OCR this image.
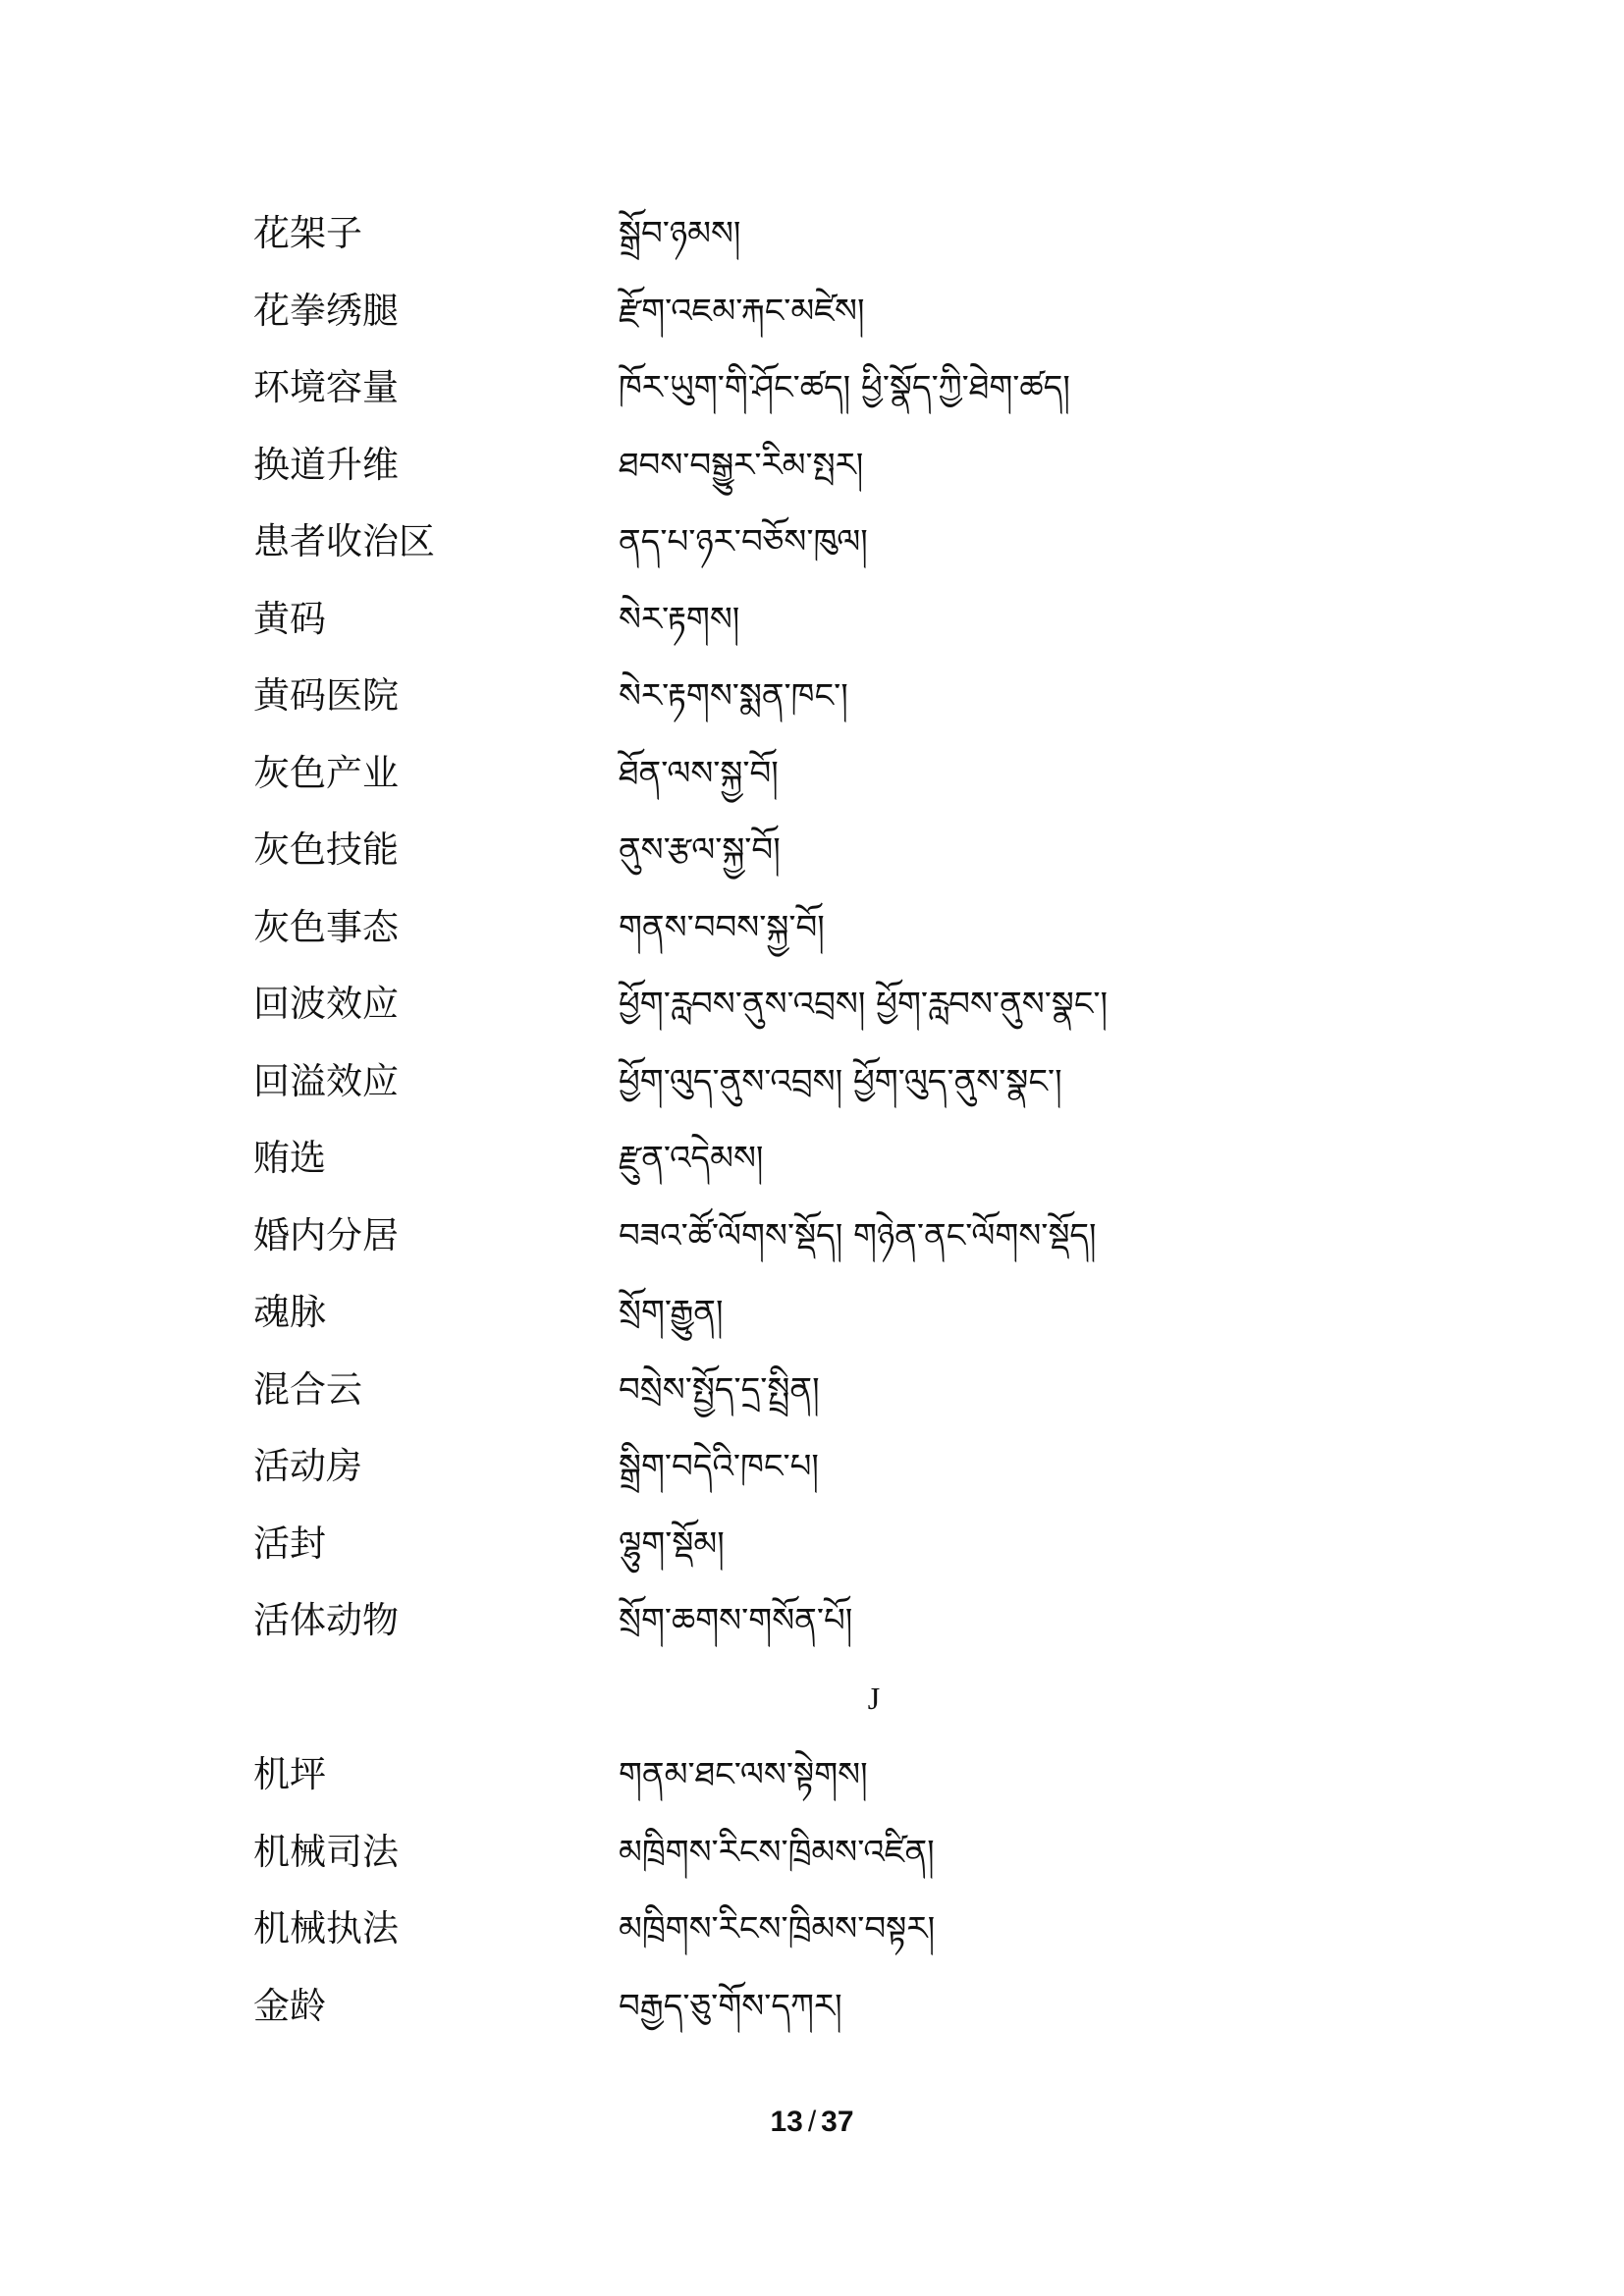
花架子	སྒྲོབ་ཉམས།
花拳绣腿	རྫོག་འཇམ་རྐང་མཛེས།
环境容量	ཁོར་ཡུག་གི་ཤོང་ཚད། ཕྱི་སྣོད་ཀྱི་ཐེག་ཚད།
换道升维	ཐབས་བསྒྱུར་རིམ་སྤར།
患者收治区	ནད་པ་ཉར་བཅོས་ཁུལ།
黄码	སེར་རྟགས།
黄码医院	སེར་རྟགས་སྨན་ཁང་།
灰色产业	ཐོན་ལས་སྐྱ་བོ།
灰色技能	ནུས་རྩལ་སྐྱ་བོ།
灰色事态	གནས་བབས་སྐྱ་བོ།
回波效应	ཕྱོག་རླབས་ནུས་འབྲས། ཕྱོག་རླབས་ནུས་སྣང་།
回溢效应	ཕྱོག་ལུད་ནུས་འབྲས། ཕྱོག་ལུད་ནུས་སྣང་།
贿选	རྫུན་འདེམས།
婚内分居	བཟའ་ཚོ་ལོགས་སྡོད། གཉེན་ནང་ལོགས་སྡོད།
魂脉	སྲོག་རྒྱུན།
混合云	བསྲེས་སྤྱོད་དྲ་སྤྲིན།
活动房	སྒྲིག་བདེའི་ཁང་པ།
活封	ལྷུག་སྡོམ།
活体动物	སྲོག་ཆགས་གསོན་པོ།
J
机坪	གནམ་ཐང་ལས་སྟེགས།
机械司法	མཁྲིགས་རིངས་ཁྲིམས་འཛིན།
机械执法	མཁྲིགས་རིངས་ཁྲིམས་བསྟར།
金龄	བརྒྱད་ཅུ་གོས་དཀར།
13 / 37
